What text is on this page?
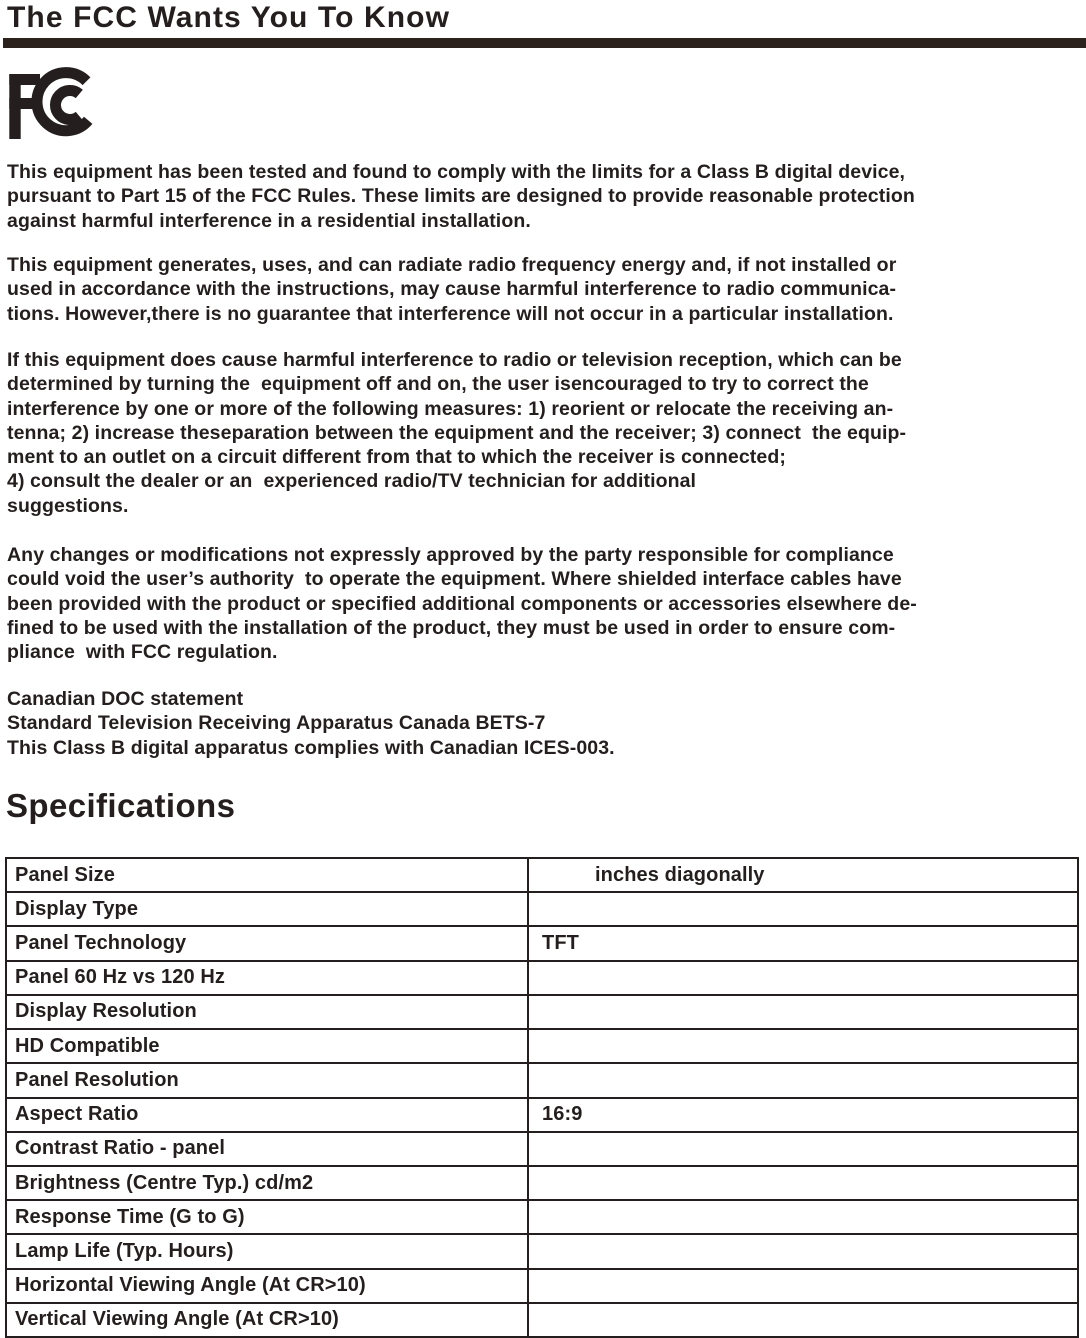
The FCC Wants You To Know
This equipment has been tested and found to comply with the limits for a Class B digital device,
pursuant to Part 15 of the FCC Rules. These limits are designed to provide reasonable protection
against harmful interference in a residential installation.
This equipment generates, uses, and can radiate radio frequency energy and, if not installed or
used in accordance with the instructions, may cause harmful interference to radio communica-
tions. However,there is no guarantee that interference will not occur in a particular installation.
If this equipment does cause harmful interference to radio or television reception, which can be
determined by turning the  equipment off and on, the user isencouraged to try to correct the
interference by one or more of the following measures: 1) reorient or relocate the receiving an-
tenna; 2) increase theseparation between the equipment and the receiver; 3) connect  the equip-
ment to an outlet on a circuit different from that to which the receiver is connected;
4) consult the dealer or an  experienced radio/TV technician for additional
suggestions.
Any changes or modifications not expressly approved by the party responsible for compliance
could void the user’s authority  to operate the equipment. Where shielded interface cables have
been provided with the product or specified additional components or accessories elsewhere de-
fined to be used with the installation of the product, they must be used in order to ensure com-
pliance  with FCC regulation.
Canadian DOC statement
Standard Television Receiving Apparatus Canada BETS-7
This Class B digital apparatus complies with Canadian ICES-003.
Specifications
Panel Size	inches diagonally
Display Type
Panel Technology	TFT
Panel 60 Hz vs 120 Hz
Display Resolution
HD Compatible
Panel Resolution
Aspect Ratio	16:9
Contrast Ratio - panel
Brightness (Centre Typ.) cd/m2
Response Time (G to G)
Lamp Life (Typ. Hours)
Horizontal Viewing Angle (At CR>10)
Vertical Viewing Angle (At CR>10)
